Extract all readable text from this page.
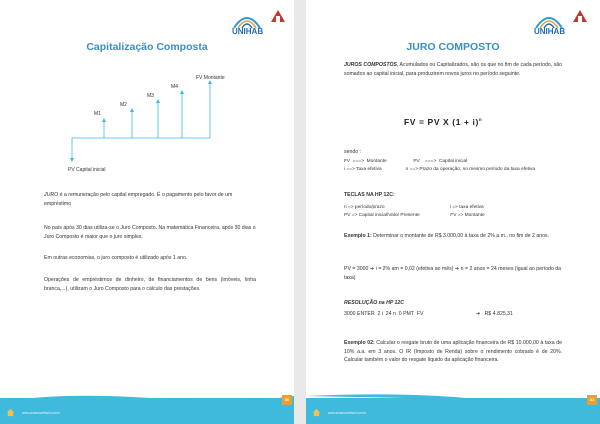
UNIHAB
Capitalização Composta
M1
M2
M3
M4
FV Montante
PV Capital inicial
JURO é a remuneração pelo capital empregado. É o pagamento pelo favor de um empréstimo
No país após 30 dias utiliza-se o Juro Composto. Na matemática Financeira, após 30 dias o Juro Composto é maior que o juro simples.
Em outras economias, o juro composto é utilizado após 1 ano.
Operações de empréstimos de dinheiro, de financiamentos de bens (imóveis, linha branca,...), utilizam o Juro Composto para o cálculo das prestações.
www.seuimovelfacil.com.br
30
UNIHAB
JURO COMPOSTO
JUROS COMPOSTOS, Acumulados ou Capitalizados, são os que no fim de cada período, são somados ao capital inicial, para produzirem novos juros no período seguinte.
FV = PV X $(1 + i)^n$
sendo :
FV  ===>  Montante                    PV    ===>  Capital inicial
i ==> Taxa efetiva                  n ==> Prazo da operação; no mesmo período da taxa efetiva
TECLAS NA HP 12C:
n => período/prazo                                                 i => taxa efetiva
PV => Capital inicial/Valor Presente                       FV => Montante
Exemplo 1: Determinar o montante de R$ 3.000,00 à taxa de 2% a.m., no fim de 2 anos.
PV = 3000 ➔ i = 2% am = 0,02 (efetiva ao mês) ➔ n = 2 anos = 24 meses (igual ao período da taxa)
RESOLUÇÃO na HP 12C
3000 ENTER  2 i  24 n  0 PMT  FV	➔   R$ 4.825,31
Exemplo 02: Calcular o resgate bruto de uma aplicação financeira de R$ 10.000,00 à taxa de 10% a.a. em 3 anos. O IR (Imposto de Renda) sobre o rendimento cobrado é de 20%. Calcular também o valor do resgate líquido da aplicação financeira.
www.seuimovelfacil.com.br
31
